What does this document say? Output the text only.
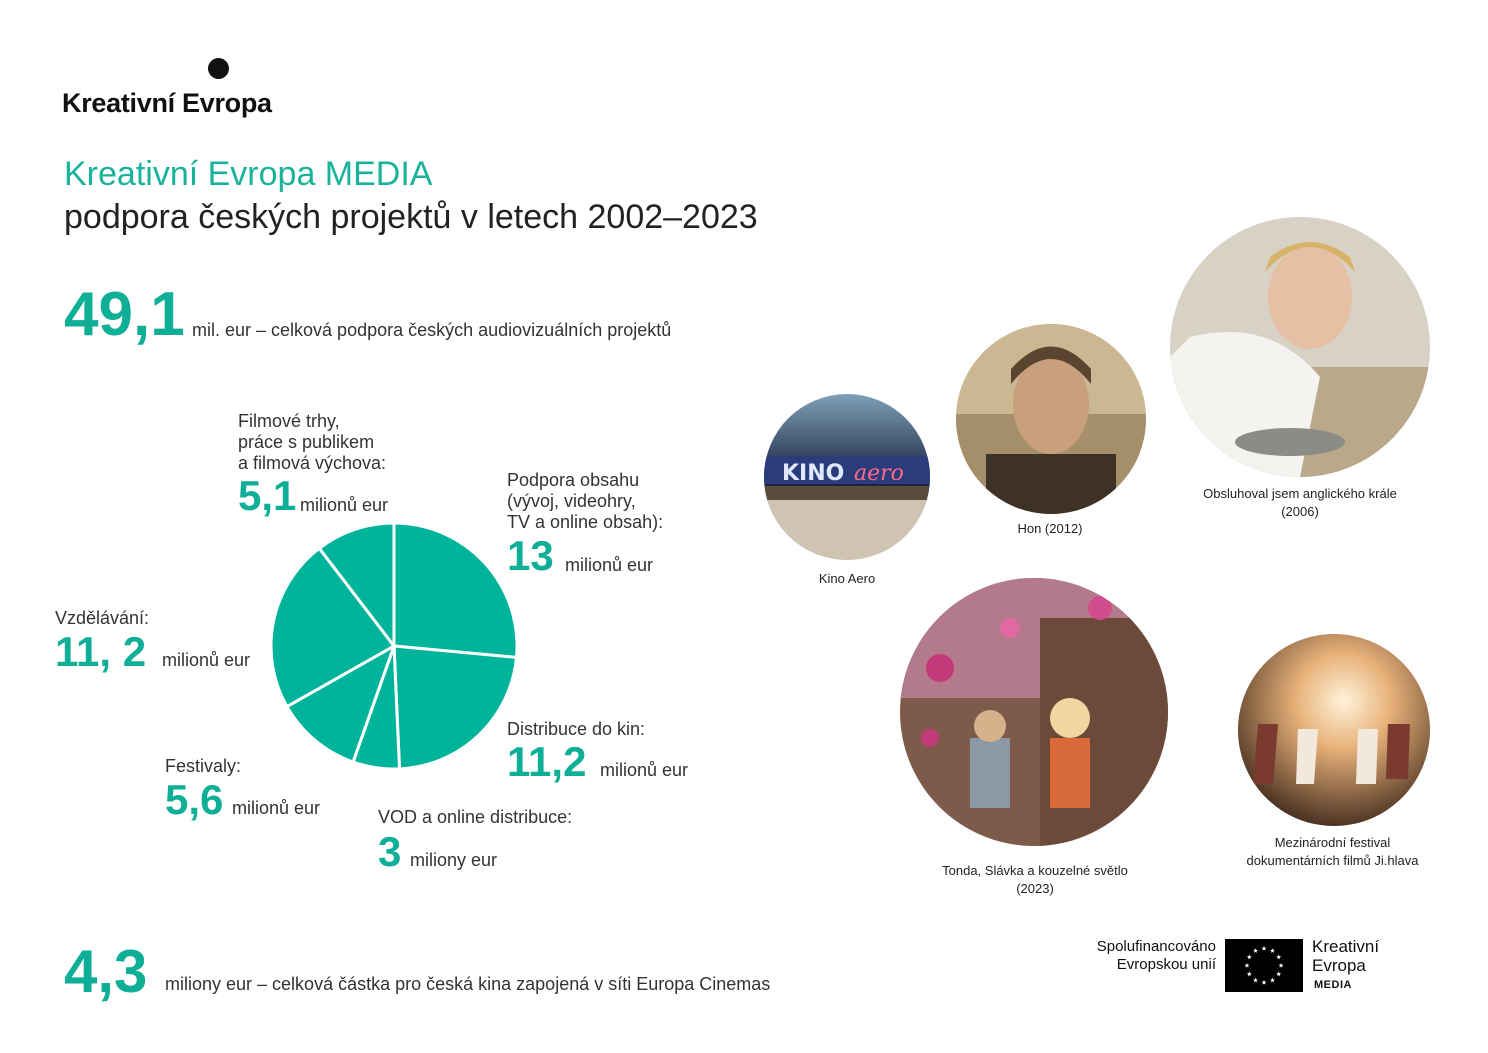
Kreativní Evropa
Kreativní Evropa MEDIA
podpora českých projektů v letech 2002–2023
49,1 mil. eur – celková podpora českých audiovizuálních projektů
Filmové trhy,
práce s publikem
a filmová výchova:
5,1 milionů eur
Podpora obsahu
(vývoj, videohry,
TV a online obsah):
13 milionů eur
Vzdělávání:
11, 2 milionů eur
Distribuce do kin:
11,2 milionů eur
Festivaly:
5,6 milionů eur	VOD a online distribuce:
3 miliony eur
4,3 miliony eur – celková částka pro česká kina zapojená v síti Europa Cinemas
KINO aero
Kino Aero
Hon (2012)
Obsluhoval jsem anglického krále
(2006)
Tonda, Slávka a kouzelné světlo
(2023)
Mezinárodní festival
dokumentárních filmů Ji.hlava
Spolufinancováno
Evropskou unií
Kreativní
Evropa
MEDIA
